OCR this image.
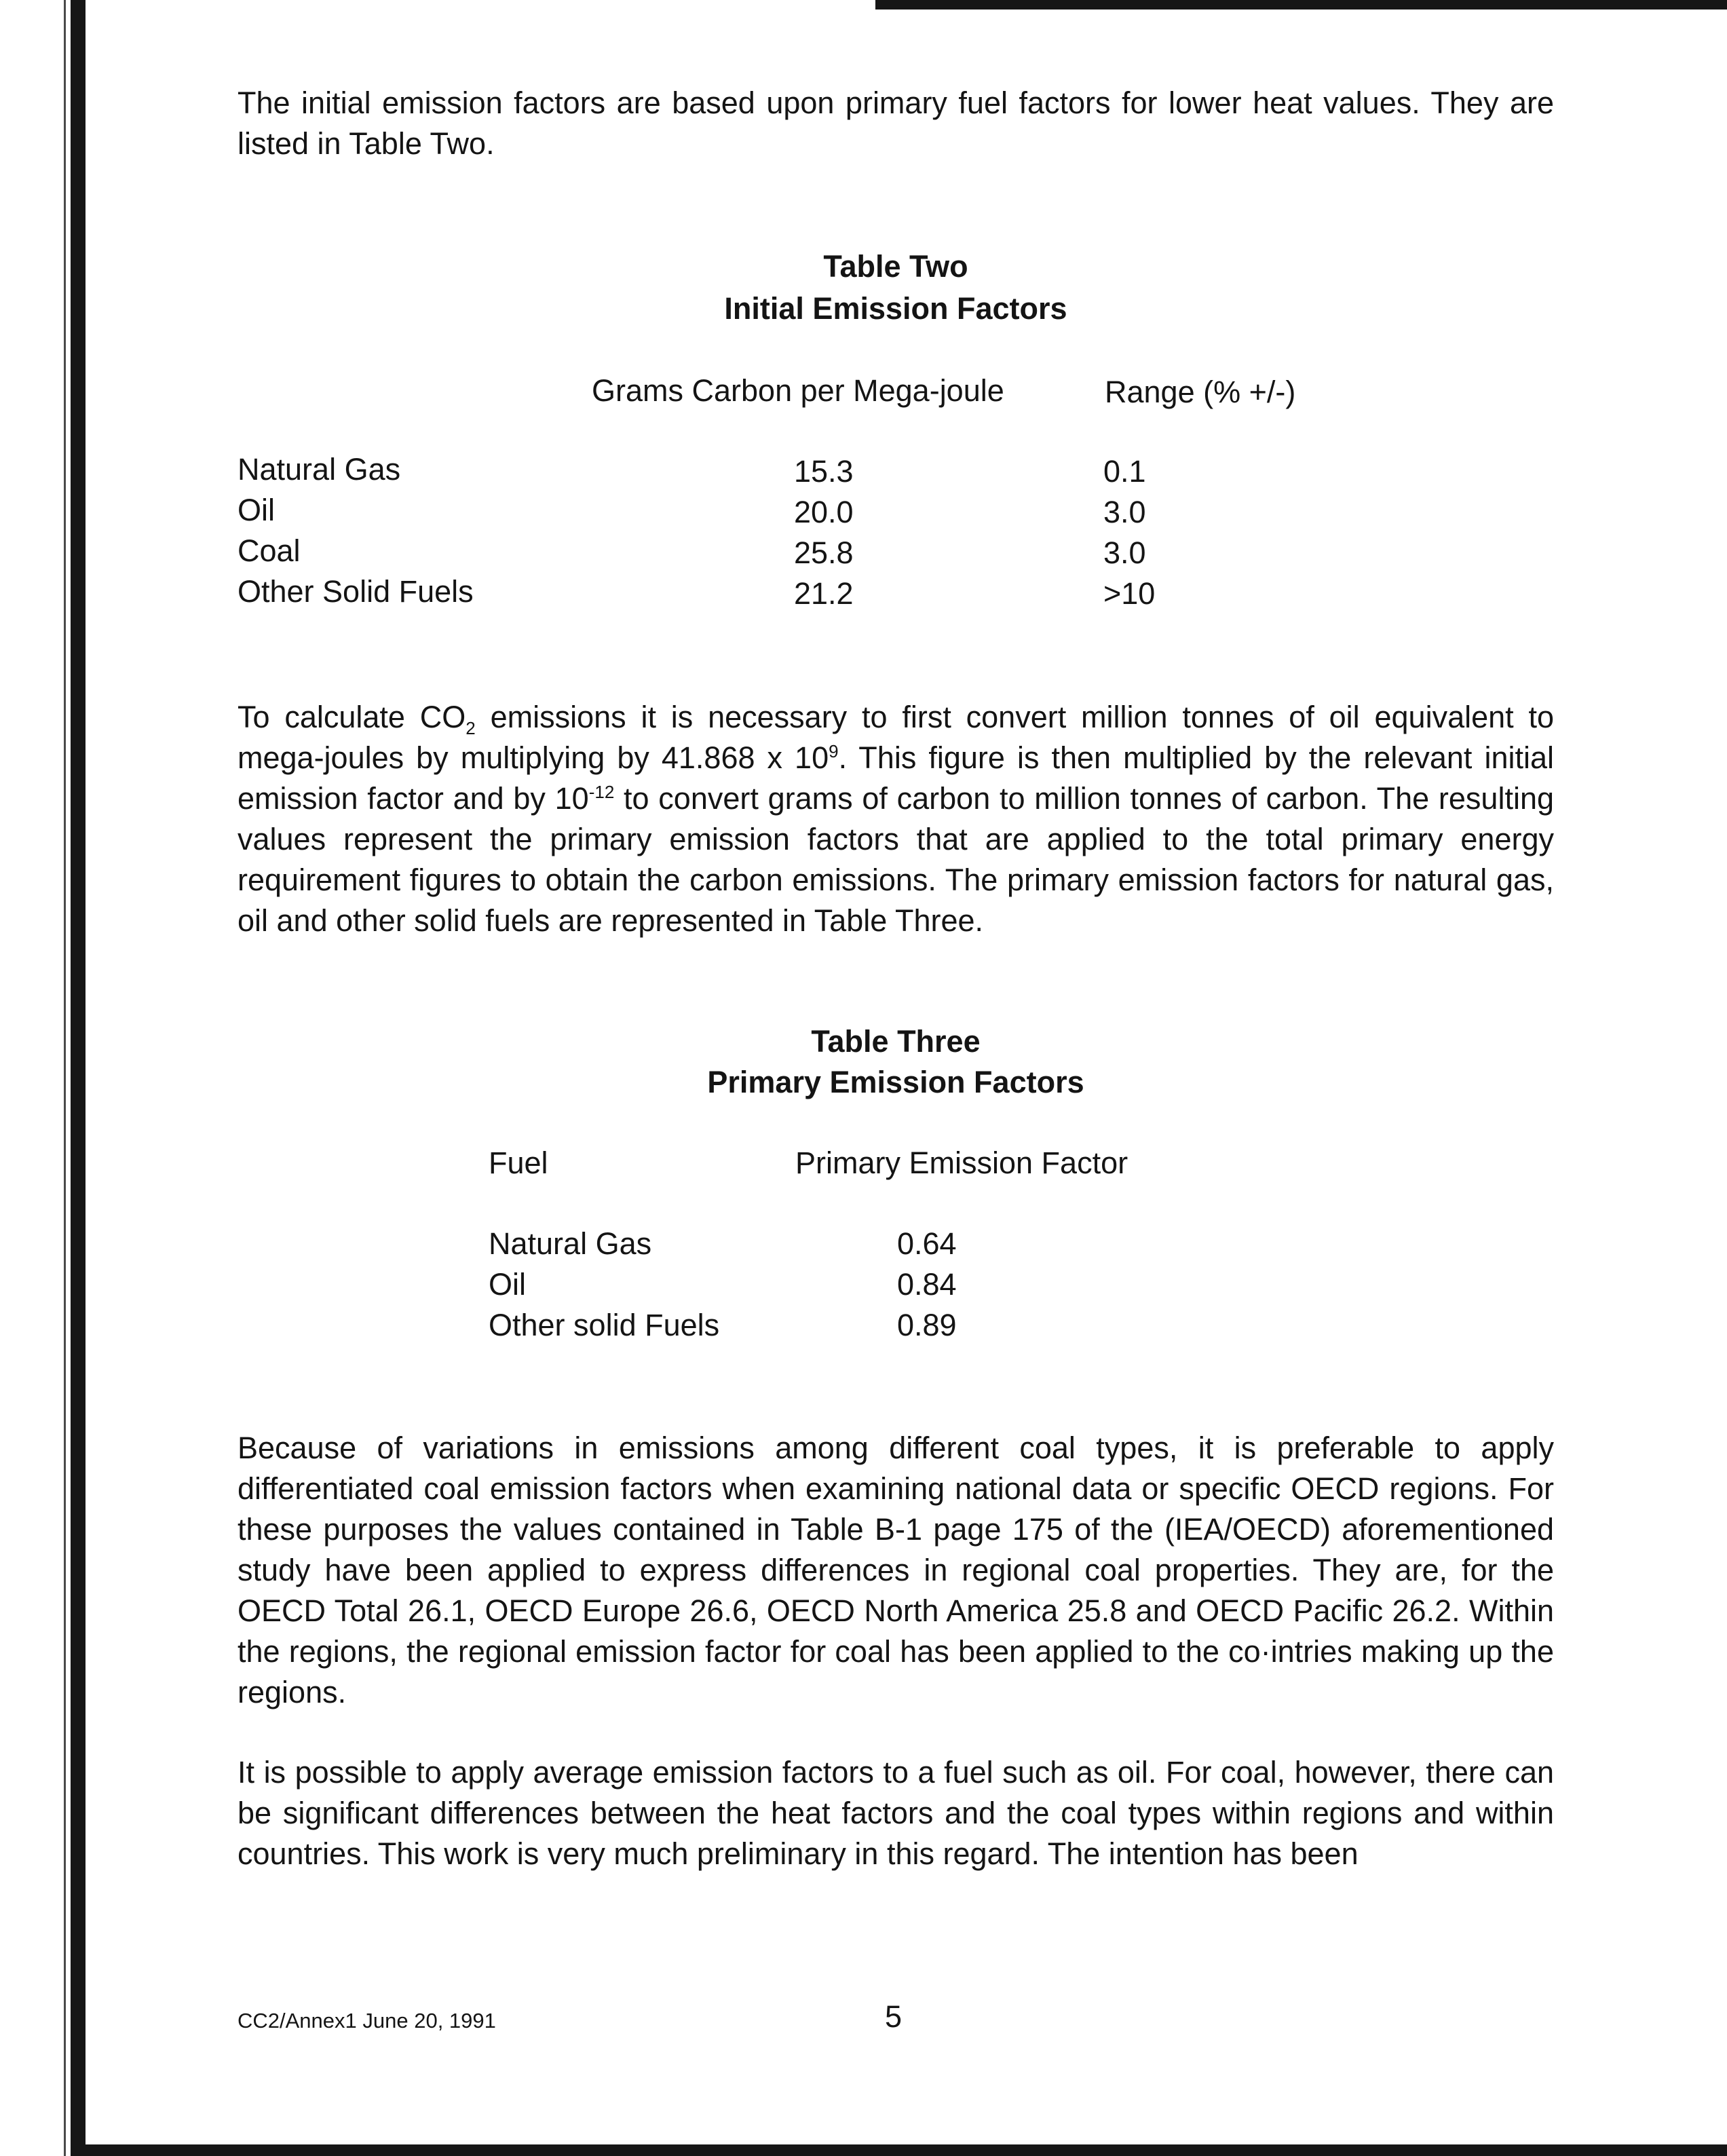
The initial emission factors are based upon primary fuel factors for lower heat values. They are listed in Table Two.

Table Two
Initial Emission Factors
Grams Carbon per Mega-joule	Range (% +/-)
Natural Gas	15.3	0.1
Oil	20.0	3.0
Coal	25.8	3.0
Other Solid Fuels	21.2	>10

To calculate $CO_2$ emissions it is necessary to first convert million tonnes of oil equivalent to mega-joules by multiplying by 41.868 x $10^9$. This figure is then multiplied by the relevant initial emission factor and by $10^{-12}$ to convert grams of carbon to million tonnes of carbon. The resulting values represent the primary emission factors that are applied to the total primary energy requirement figures to obtain the carbon emissions. The primary emission factors for natural gas, oil and other solid fuels are represented in Table Three.

Table Three
Primary Emission Factors
Fuel	Primary Emission Factor
Natural Gas	0.64
Oil	0.84
Other solid Fuels	0.89

Because of variations in emissions among different coal types, it is preferable to apply differentiated coal emission factors when examining national data or specific OECD regions. For these purposes the values contained in Table B-1 page 175 of the (IEA/OECD) aforementioned study have been applied to express differences in regional coal properties. They are, for the OECD Total 26.1, OECD Europe 26.6, OECD North America 25.8 and OECD Pacific 26.2. Within the regions, the regional emission factor for coal has been applied to the co·intries making up the regions.

It is possible to apply average emission factors to a fuel such as oil. For coal, however, there can be significant differences between the heat factors and the coal types within regions and within countries. This work is very much preliminary in this regard. The intention has been

CC2/Annex1 June 20, 1991	5
